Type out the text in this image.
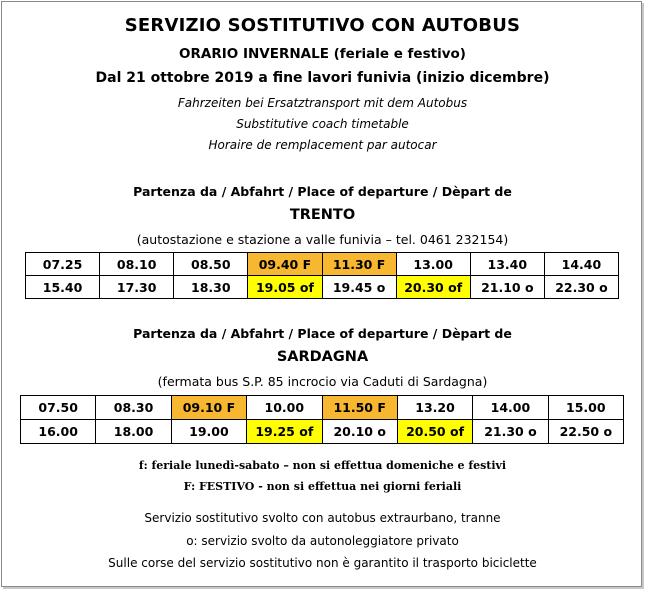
SERVIZIO SOSTITUTIVO CON AUTOBUS
ORARIO INVERNALE (feriale e festivo)
Dal 21 ottobre 2019 a fine lavori funivia (inizio dicembre)
Fahrzeiten bei Ersatztransport mit dem Autobus
Substitutive coach timetable
Horaire de remplacement par autocar
Partenza da / Abfahrt / Place of departure / Dèpart de
TRENTO
(autostazione e stazione a valle funivia – tel. 0461 232154)
07.25	08.10	08.50	09.40 F	11.30 F	13.00	13.40	14.40
15.40	17.30	18.30	19.05 of	19.45 o	20.30 of	21.10 o	22.30 o
Partenza da / Abfahrt / Place of departure / Dèpart de
SARDAGNA
(fermata bus S.P. 85 incrocio via Caduti di Sardagna)
07.50	08.30	09.10 F	10.00	11.50 F	13.20	14.00	15.00
16.00	18.00	19.00	19.25 of	20.10 o	20.50 of	21.30 o	22.50 o
f: feriale lunedì-sabato – non si effettua domeniche e festivi
F: FESTIVO - non si effettua nei giorni feriali
Servizio sostitutivo svolto con autobus extraurbano, tranne
o: servizio svolto da autonoleggiatore privato
Sulle corse del servizio sostitutivo non è garantito il trasporto biciclette
